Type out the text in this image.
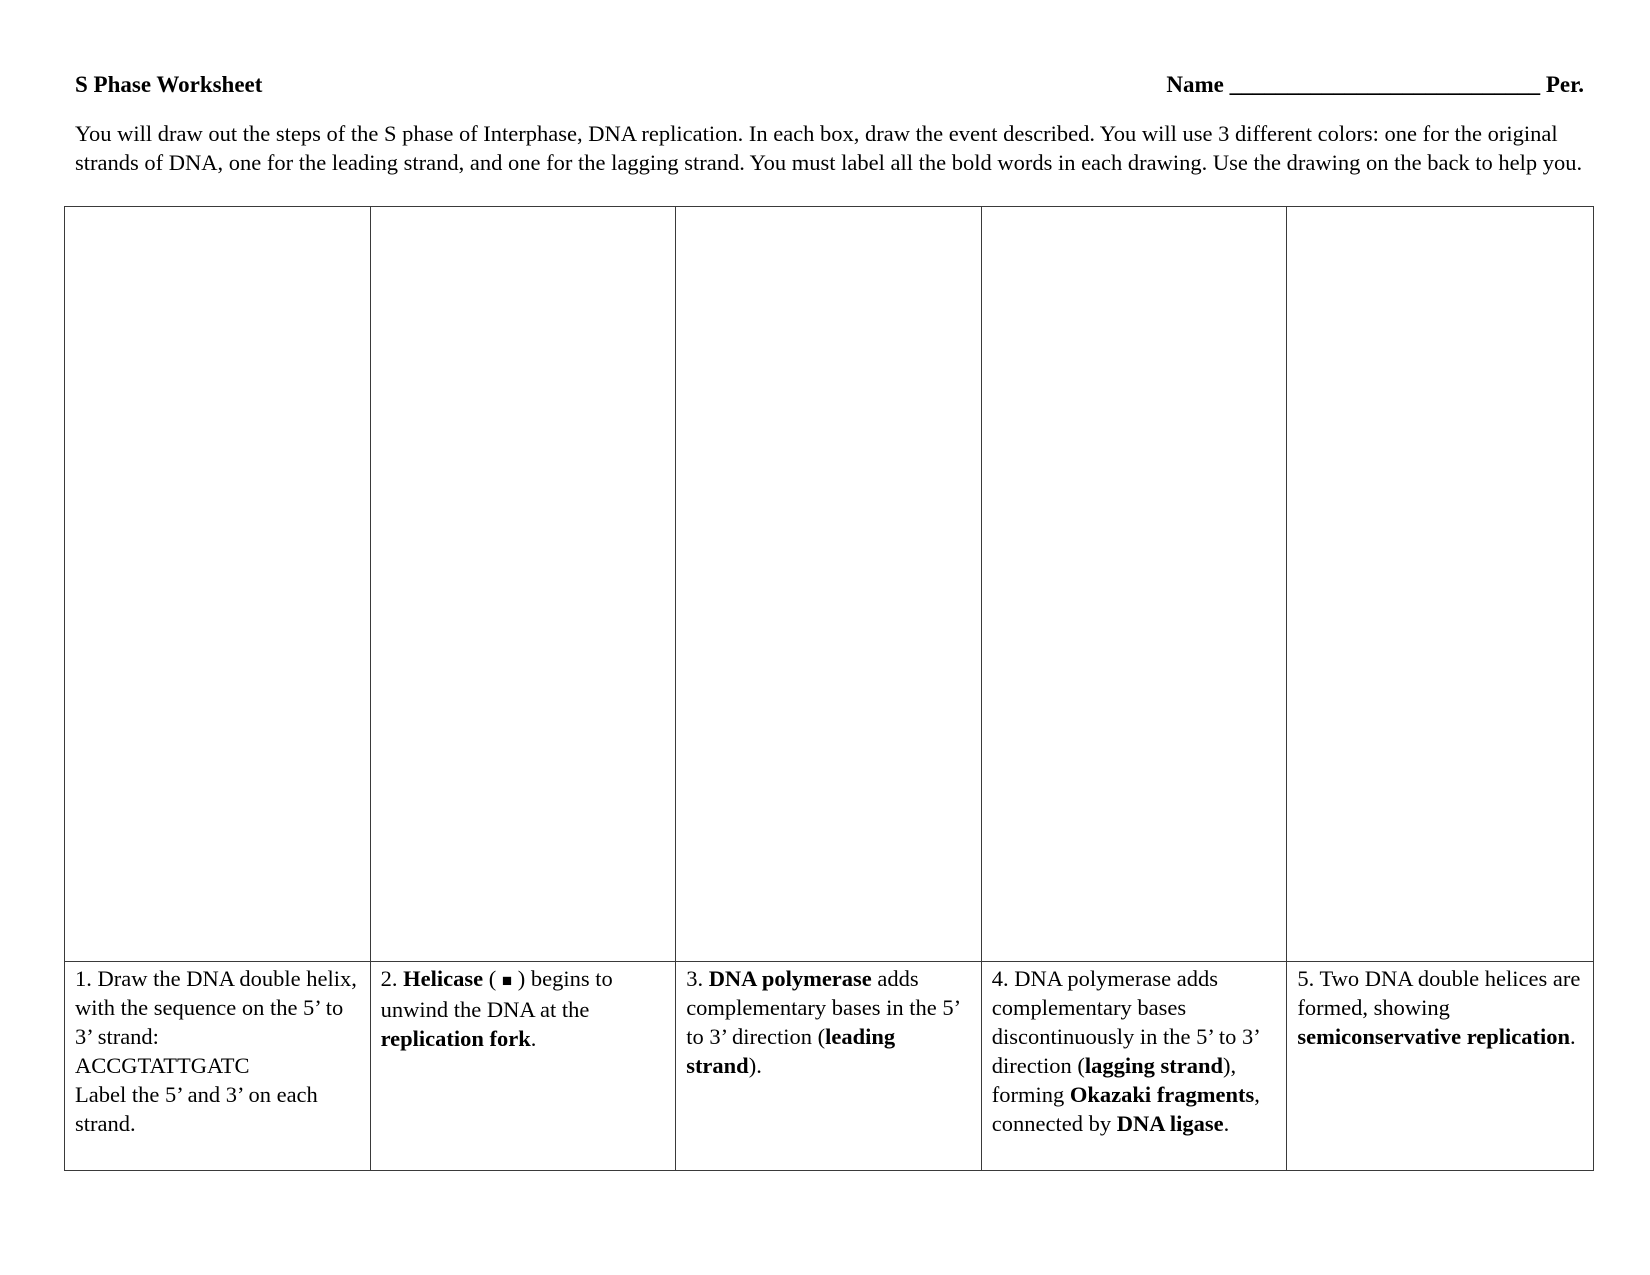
S Phase Worksheet	Name ___________________________ Per.

You will draw out the steps of the S phase of Interphase, DNA replication. In each box, draw the event described. You will use 3 different colors: one for the original strands of DNA, one for the leading strand, and one for the lagging strand. You must label all the bold words in each drawing. Use the drawing on the back to help you.

1. Draw the DNA double helix, with the sequence on the 5’ to 3’ strand:
ACCGTATTGATC
Label the 5’ and 3’ on each strand.
2. Helicase ( ■ ) begins to unwind the DNA at the replication fork.
3. DNA polymerase adds complementary bases in the 5’ to 3’ direction (leading strand).
4. DNA polymerase adds complementary bases discontinuously in the 5’ to 3’ direction (lagging strand), forming Okazaki fragments, connected by DNA ligase.
5. Two DNA double helices are formed, showing semiconservative replication.
